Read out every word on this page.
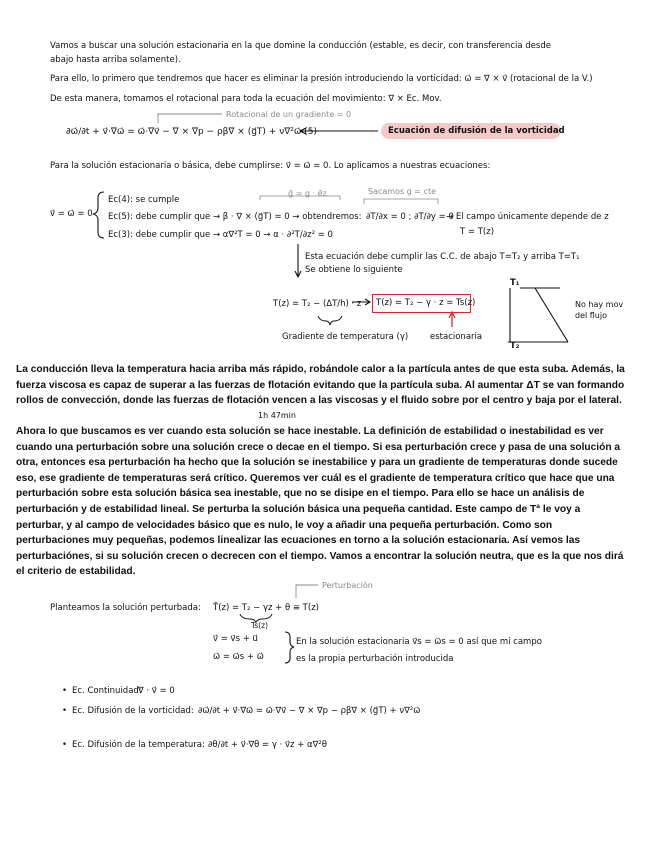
Vamos a buscar una solución estacionaria en la que domine la conducción (estable, es decir, con transferencia desde
abajo hasta arriba solamente).
Para ello, lo primero que tendremos que hacer es eliminar la presión introduciendo la vorticidad: ω⃗ = ∇ × v⃗ (rotacional de la V.)
De esta manera, tomamos el rotacional para toda la ecuación del movimiento: ∇ × Ec. Mov.
Rotacional de un gradiente = 0
∂ω⃗/∂t + v⃗·∇ω⃗ = ω⃗·∇v⃗ − ∇ × ∇p − ρβ∇ × (g⃗T) + ν∇²ω⃗ (5)	Ecuación de difusión de la vorticidad
Para la solución estacionaria o básica, debe cumplirse: v⃗ = ω⃗ = 0. Lo aplicamos a nuestras ecuaciones:
v⃗ = ω⃗ = 0
g⃗ = g · e⃗z	Sacamos g = cte
Ec(4): se cumple
Ec(5): debe cumplir que → β · ∇ × (g⃗T) = 0 → obtendremos: ∂T/∂x = 0 ; ∂T/∂y = 0
→ El campo únicamente depende de z
T = T(z)
Ec(3): debe cumplir que → α∇²T = 0 → α · ∂²T/∂z² = 0
Esta ecuación debe cumplir las C.C. de abajo T=T₂ y arriba T=T₁
Se obtiene lo siguiente
T(z) = T₂ − (ΔT/h) · z T(z) = T₂ − γ · z = Ts(z)
Gradiente de temperatura (γ)	estacionaria
T₁
T₂
No hay mov del flujo
La conducción lleva la temperatura hacia arriba más rápido, robándole calor a la partícula antes de que esta suba. Además, la fuerza viscosa es capaz de superar a las fuerzas de flotación evitando que la partícula suba. Al aumentar ΔT se van formando rollos de convección, donde las fuerzas de flotación vencen a las viscosas y el fluido sobre por el centro y baja por el lateral.
1h 47min
Ahora lo que buscamos es ver cuando esta solución se hace inestable. La definición de estabilidad o inestabilidad es ver cuando una perturbación sobre una solución crece o decae en el tiempo. Si esa perturbación crece y pasa de una solución a otra, entonces esa perturbación ha hecho que la solución se inestabilice y para un gradiente de temperaturas donde sucede eso, ese gradiente de temperaturas será crítico. Queremos ver cuál es el gradiente de temperatura crítico que hace que una perturbación sobre esta solución básica sea inestable, que no se disipe en el tiempo. Para ello se hace un análisis de perturbación y de estabilidad lineal. Se perturba la solución básica una pequeña cantidad. Este campo de Tª le voy a perturbar, y al campo de velocidades básico que es nulo, le voy a añadir una pequeña perturbación. Como son perturbaciones muy pequeñas, podemos linealizar las ecuaciones en torno a la solución estacionaria. Así vemos las perturbaciónes, si su solución crecen o decrecen con el tiempo. Vamos a encontrar la solución neutra, que es la que nos dirá el criterio de estabilidad.
Perturbación
Planteamos la solución perturbada: T̄(z) = T₂ − γz + θ ≡ T(z)
Ts(z)
v⃗ = v⃗s + u⃗
ω⃗ = ω⃗s + ω⃗
En la solución estacionaria v⃗s = ω⃗s = 0 así que mi campo
es la propia perturbación introducida
• Ec. Continuidad:
∇ · v⃗ = 0
• Ec. Difusión de la vorticidad: ∂ω⃗/∂t + v⃗·∇ω⃗ = ω⃗·∇v⃗ − ∇ × ∇p − ρβ∇ × (g⃗T) + ν∇²ω⃗
• Ec. Difusión de la temperatura: ∂θ/∂t + v⃗·∇θ = γ · v⃗z + α∇²θ
